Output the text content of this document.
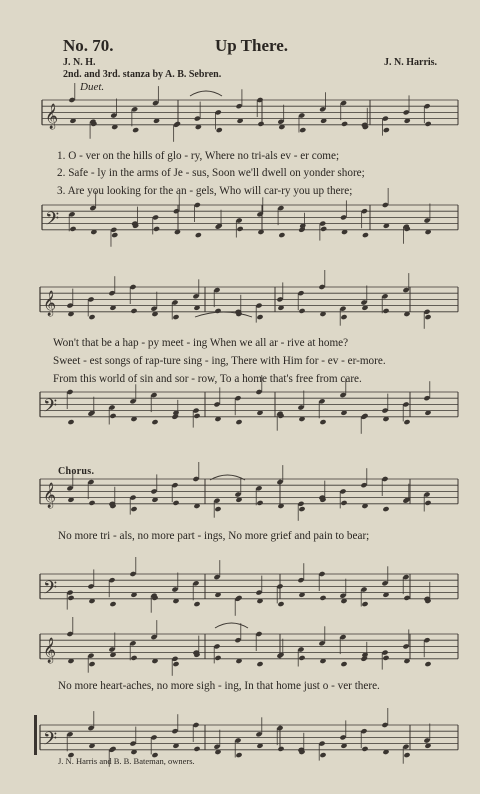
𝄞
𝄢
𝄞
𝄢
𝄞
𝄢
𝄞
𝄢
No. 70.	Up There.
J. N. H.	J. N. Harris.
2nd. and 3rd. stanza by A. B. Sebren.
Duet.
1. O - ver on the hills of glo - ry, Where no tri-als ev - er come;
2. Safe - ly in the arms of Je - sus, Soon we'll dwell on yonder shore;
3. Are you looking for the an - gels, Who will car-ry you up there;
Won't that be a hap - py meet - ing When we all ar - rive at home?
Sweet - est songs of rap-ture sing - ing, There with Him for - ev - er-more.
From this world of sin and sor - row, To a home that's free from care.
Chorus.
No more tri - als, no more part - ings, No more grief and pain to bear;
No more heart-aches, no more sigh - ing, In that home just o - ver there.
J. N. Harris and B. B. Bateman, owners.
